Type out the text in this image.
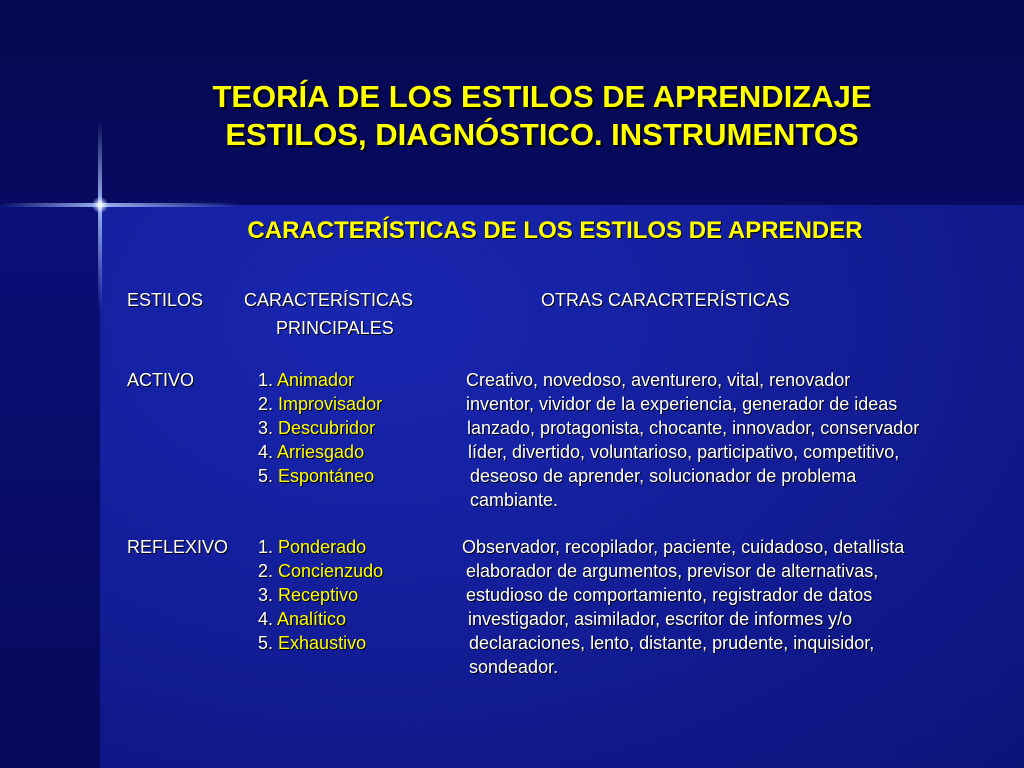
TEORÍA DE LOS ESTILOS DE APRENDIZAJE
ESTILOS, DIAGNÓSTICO. INSTRUMENTOS
CARACTERÍSTICAS DE LOS ESTILOS DE APRENDER

ESTILOS CARACTERÍSTICAS

PRINCIPALES

OTRAS CARACRTERÍSTICAS

ACTIVO	1. Animador

2. Improvisador

3. Descubridor

4. Arriesgado

5. Espontáneo

Creativo, novedoso, aventurero, vital, renovador

inventor, vividor de la experiencia, generador de ideas

lanzado, protagonista, chocante, innovador, conservador

líder, divertido, voluntarioso, participativo, competitivo,

deseoso de aprender, solucionador de problema

cambiante.

REFLEXIVO 1. Ponderado

2. Concienzudo

3. Receptivo

4. Analítico

5. Exhaustivo

Observador, recopilador, paciente, cuidadoso, detallista

elaborador de argumentos, previsor de alternativas,

estudioso de comportamiento, registrador de datos

investigador, asimilador, escritor de informes y/o

declaraciones, lento, distante, prudente, inquisidor,

sondeador.
